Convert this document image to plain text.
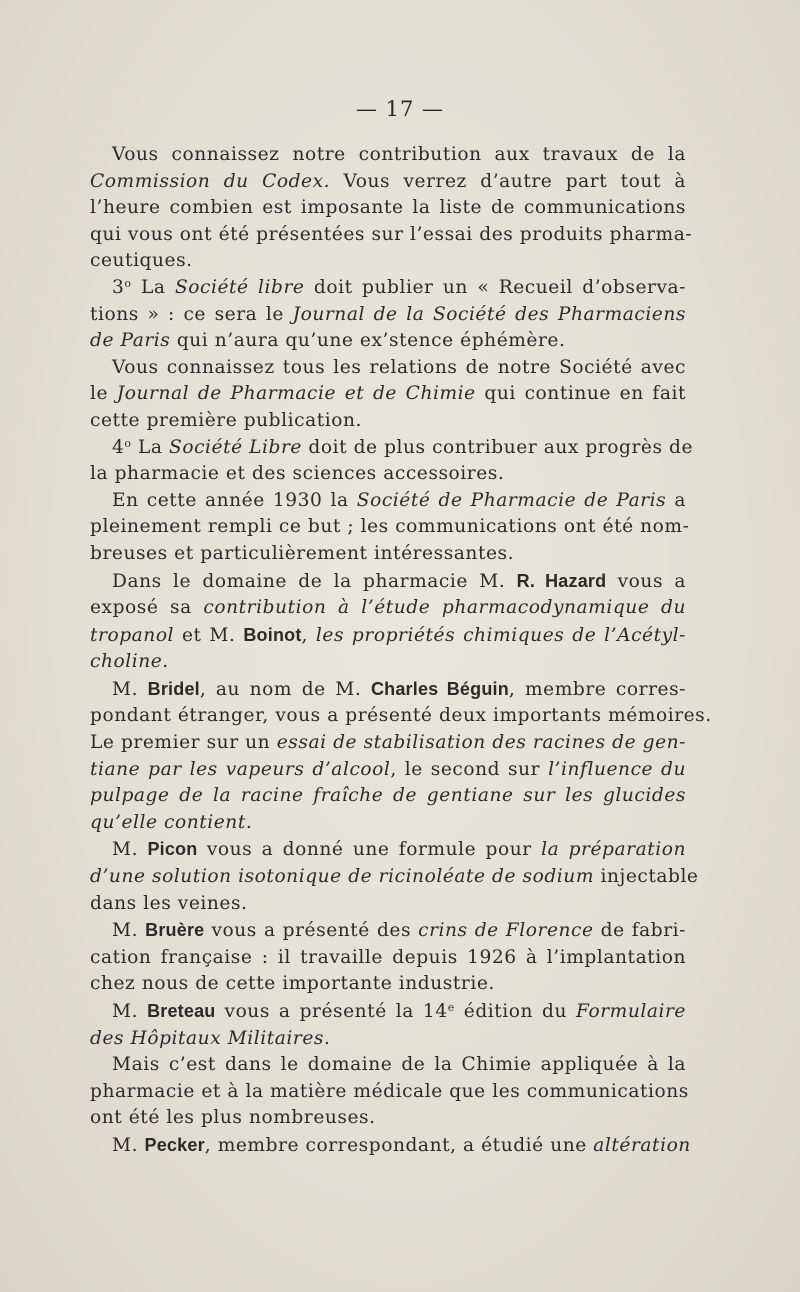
— 17 —
Vous connaissez notre contribution aux travaux de la
Commission du Codex. Vous verrez d’autre part tout à
l’heure combien est imposante la liste de communications
qui vous ont été présentées sur l’essai des produits pharma-
ceutiques.
3$^o$ La Société libre doit publier un « Recueil d’observa-
tions » : ce sera le Journal de la Société des Pharmaciens
de Paris qui n’aura qu’une ex’stence éphémère.
Vous connaissez tous les relations de notre Société avec
le Journal de Pharmacie et de Chimie qui continue en fait
cette première publication.
4$^o$ La Société Libre doit de plus contribuer aux progrès de
la pharmacie et des sciences accessoires.
En cette année 1930 la Société de Pharmacie de Paris a
pleinement rempli ce but ; les communications ont été nom-
breuses et particulièrement intéressantes.
Dans le domaine de la pharmacie M. R. Hazard vous a
exposé sa contribution à l’étude pharmacodynamique du
tropanol et M. Boinot, les propriétés chimiques de l’Acétyl-
choline.
M. Bridel, au nom de M. Charles Béguin, membre corres-
pondant étranger, vous a présenté deux importants mémoires.
Le premier sur un essai de stabilisation des racines de gen-
tiane par les vapeurs d’alcool, le second sur l’influence du
pulpage de la racine fraîche de gentiane sur les glucides
qu’elle contient.
M. Picon vous a donné une formule pour la préparation
d’une solution isotonique de ricinoléate de sodium injectable
dans les veines.
M. Bruère vous a présenté des crins de Florence de fabri-
cation française : il travaille depuis 1926 à l’implantation
chez nous de cette importante industrie.
M. Breteau vous a présenté la 14e édition du Formulaire
des Hôpitaux Militaires.
Mais c’est dans le domaine de la Chimie appliquée à la
pharmacie et à la matière médicale que les communications
ont été les plus nombreuses.
M. Pecker, membre correspondant, a étudié une altération
